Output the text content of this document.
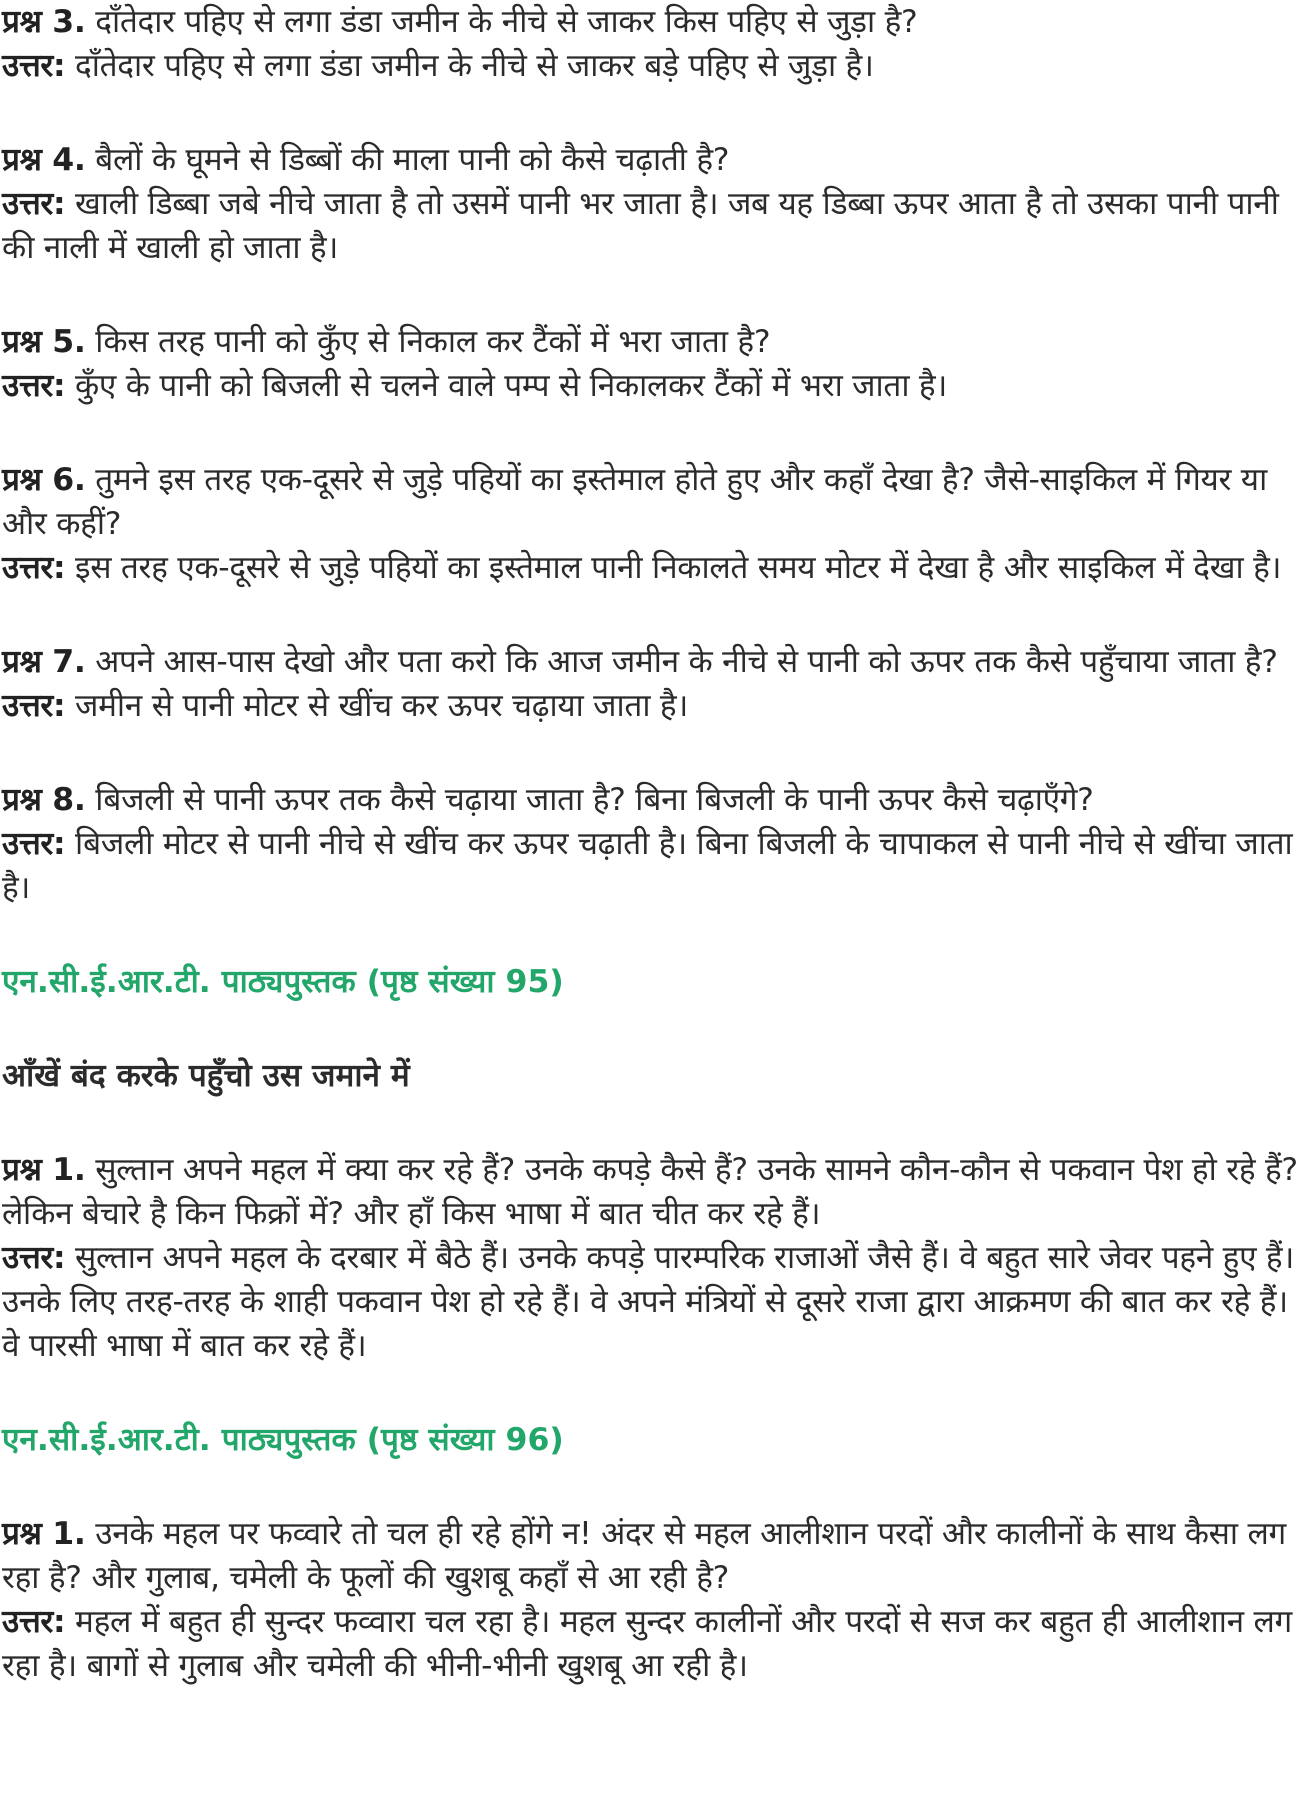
प्रश्न 3. दाँतेदार पहिए से लगा डंडा जमीन के नीचे से जाकर किस पहिए से जुड़ा है?

उत्तर: दाँतेदार पहिए से लगा डंडा जमीन के नीचे से जाकर बड़े पहिए से जुड़ा है।

प्रश्न 4. बैलों के घूमने से डिब्बों की माला पानी को कैसे चढ़ाती है?

उत्तर: खाली डिब्बा जबे नीचे जाता है तो उसमें पानी भर जाता है। जब यह डिब्बा ऊपर आता है तो उसका पानी पानी की नाली में खाली हो जाता है।

प्रश्न 5. किस तरह पानी को कुँए से निकाल कर टैंकों में भरा जाता है?

उत्तर: कुँए के पानी को बिजली से चलने वाले पम्प से निकालकर टैंकों में भरा जाता है।

प्रश्न 6. तुमने इस तरह एक-दूसरे से जुड़े पहियों का इस्तेमाल होते हुए और कहाँ देखा है? जैसे-साइकिल में गियर या और कहीं?

उत्तर: इस तरह एक-दूसरे से जुड़े पहियों का इस्तेमाल पानी निकालते समय मोटर में देखा है और साइकिल में देखा है।

प्रश्न 7. अपने आस-पास देखो और पता करो कि आज जमीन के नीचे से पानी को ऊपर तक कैसे पहुँचाया जाता है?

उत्तर: जमीन से पानी मोटर से खींच कर ऊपर चढ़ाया जाता है।

प्रश्न 8. बिजली से पानी ऊपर तक कैसे चढ़ाया जाता है? बिना बिजली के पानी ऊपर कैसे चढ़ाएँगे?

उत्तर: बिजली मोटर से पानी नीचे से खींच कर ऊपर चढ़ाती है। बिना बिजली के चापाकल से पानी नीचे से खींचा जाता है।

एन.सी.ई.आर.टी. पाठ्यपुस्तक (पृष्ठ संख्या 95)

आँखें बंद करके पहुँचो उस जमाने में

प्रश्न 1. सुल्तान अपने महल में क्या कर रहे हैं? उनके कपड़े कैसे हैं? उनके सामने कौन-कौन से पकवान पेश हो रहे हैं? लेकिन बेचारे है किन फिक्रों में? और हाँ किस भाषा में बात चीत कर रहे हैं।

उत्तर: सुल्तान अपने महल के दरबार में बैठे हैं। उनके कपड़े पारम्परिक राजाओं जैसे हैं। वे बहुत सारे जेवर पहने हुए हैं। उनके लिए तरह-तरह के शाही पकवान पेश हो रहे हैं। वे अपने मंत्रियों से दूसरे राजा द्वारा आक्रमण की बात कर रहे हैं। वे पारसी भाषा में बात कर रहे हैं।

एन.सी.ई.आर.टी. पाठ्यपुस्तक (पृष्ठ संख्या 96)

प्रश्न 1. उनके महल पर फव्वारे तो चल ही रहे होंगे न! अंदर से महल आलीशान परदों और कालीनों के साथ कैसा लग रहा है? और गुलाब, चमेली के फूलों की खुशबू कहाँ से आ रही है?

उत्तर: महल में बहुत ही सुन्दर फव्वारा चल रहा है। महल सुन्दर कालीनों और परदों से सज कर बहुत ही आलीशान लग रहा है। बागों से गुलाब और चमेली की भीनी-भीनी खुशबू आ रही है।
